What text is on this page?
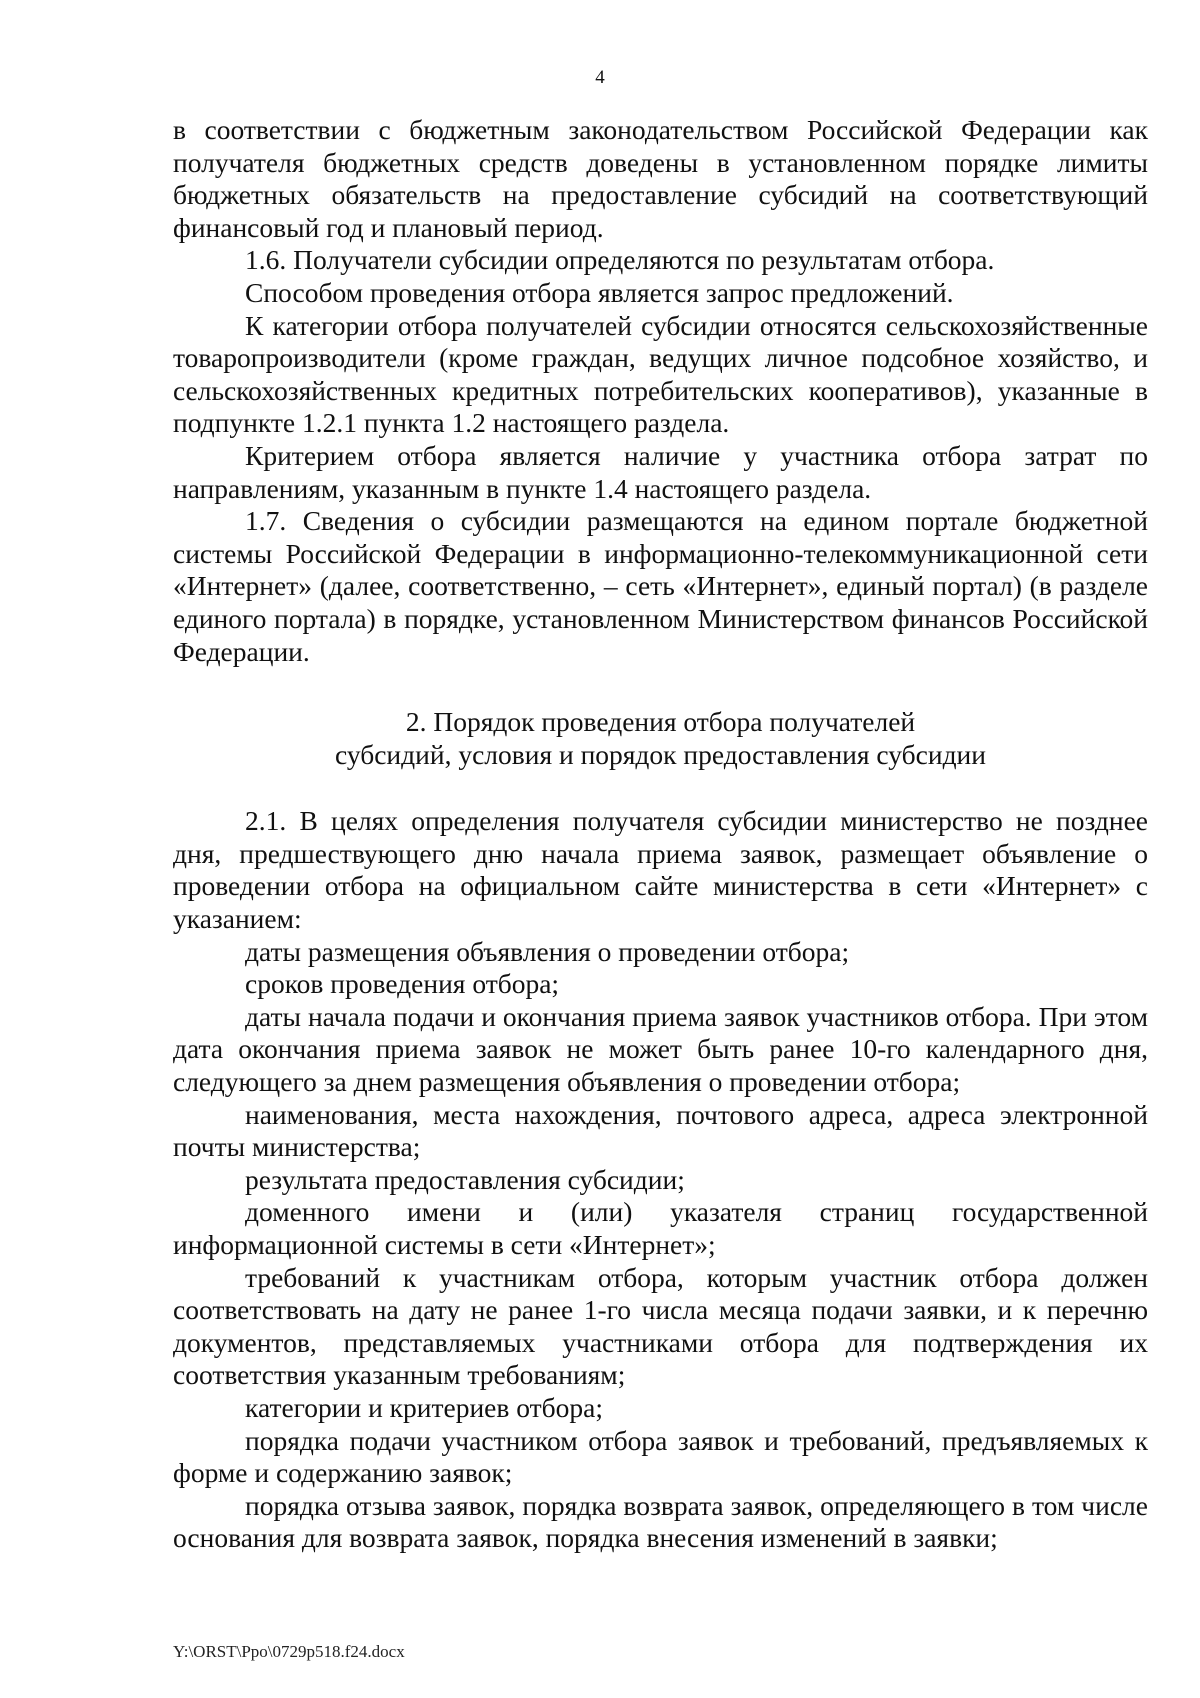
4

в соответствии с бюджетным законодательством Российской Федерации как получателя бюджетных средств доведены в установленном порядке лимиты бюджетных обязательств на предоставление субсидий на соответствующий финансовый год и плановый период.

1.6. Получатели субсидии определяются по результатам отбора.

Способом проведения отбора является запрос предложений.

К категории отбора получателей субсидии относятся сельскохозяйственные товаропроизводители (кроме граждан, ведущих личное подсобное хозяйство, и сельскохозяйственных кредитных потребительских кооперативов), указанные в подпункте 1.2.1 пункта 1.2 настоящего раздела.

Критерием отбора является наличие у участника отбора затрат по направлениям, указанным в пункте 1.4 настоящего раздела.

1.7. Сведения о субсидии размещаются на едином портале бюджетной системы Российской Федерации в информационно-телекоммуникационной сети «Интернет» (далее, соответственно, – сеть «Интернет», единый портал) (в разделе единого портала) в порядке, установленном Министерством финансов Российской Федерации.

2. Порядок проведения отбора получателей

субсидий, условия и порядок предоставления субсидии

2.1. В целях определения получателя субсидии министерство не позднее дня, предшествующего дню начала приема заявок, размещает объявление о проведении отбора на официальном сайте министерства в сети «Интернет» с указанием:

даты размещения объявления о проведении отбора;

сроков проведения отбора;

даты начала подачи и окончания приема заявок участников отбора. При этом дата окончания приема заявок не может быть ранее 10-го календарного дня, следующего за днем размещения объявления о проведении отбора;

наименования, места нахождения, почтового адреса, адреса электронной почты министерства;

результата предоставления субсидии;

доменного имени и (или) указателя страниц государственной информационной системы в сети «Интернет»;

требований к участникам отбора, которым участник отбора должен соответствовать на дату не ранее 1-го числа месяца подачи заявки, и к перечню документов, представляемых участниками отбора для подтверждения их соответствия указанным требованиям;

категории и критериев отбора;

порядка подачи участником отбора заявок и требований, предъявляемых к форме и содержанию заявок;

порядка отзыва заявок, порядка возврата заявок, определяющего в том числе основания для возврата заявок, порядка внесения изменений в заявки;

Y:\ORST\Ppo\0729p518.f24.docx
